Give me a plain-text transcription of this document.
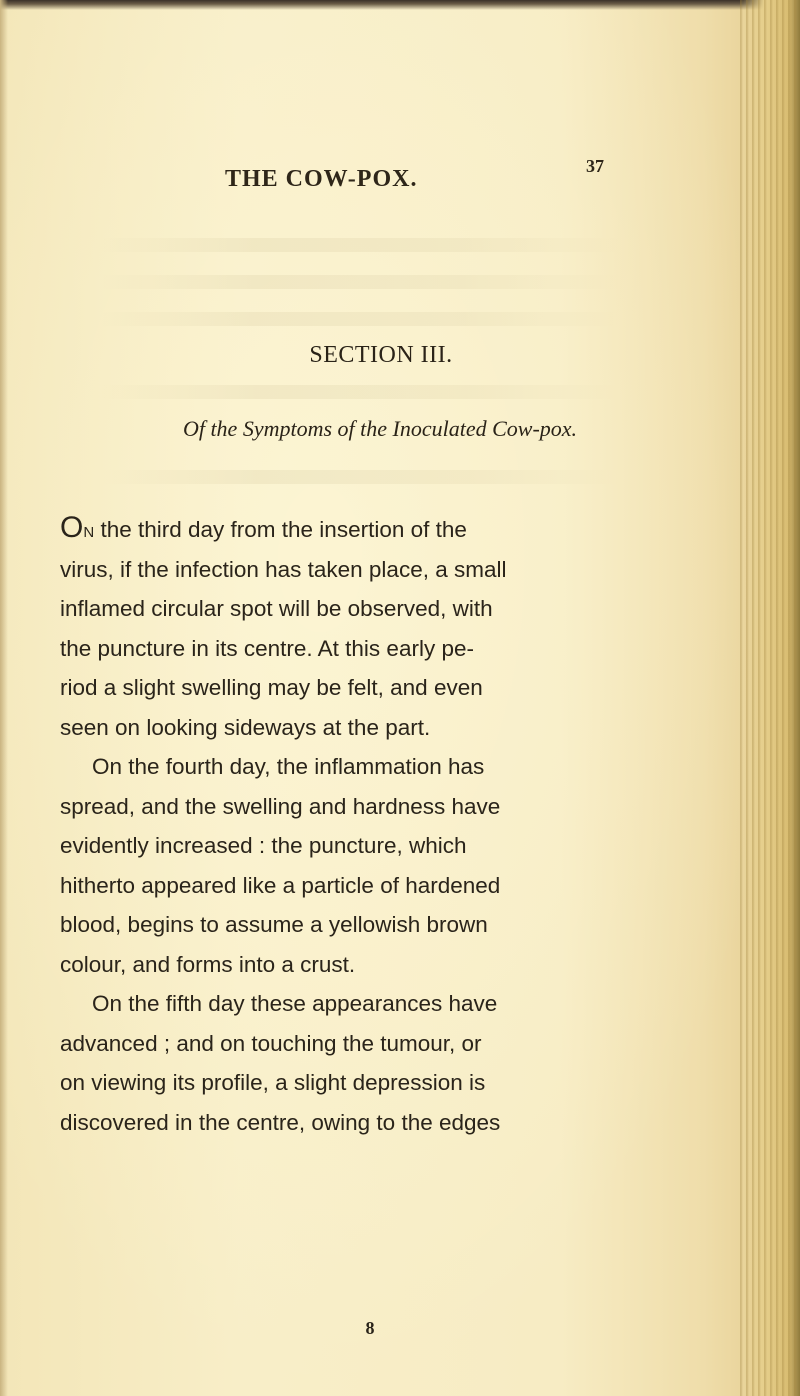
THE COW-POX.	37
SECTION III.
Of the Symptoms of the Inoculated Cow-pox.

On the third day from the insertion of the
virus, if the infection has taken place, a small
inflamed circular spot will be observed, with
the puncture in its centre. At this early pe-
riod a slight swelling may be felt, and even
seen on looking sideways at the part.

On the fourth day, the inflammation has
spread, and the swelling and hardness have
evidently increased : the puncture, which
hitherto appeared like a particle of hardened
blood, begins to assume a yellowish brown
colour, and forms into a crust.

On the fifth day these appearances have
advanced ; and on touching the tumour, or
on viewing its profile, a slight depression is
discovered in the centre, owing to the edges

8
